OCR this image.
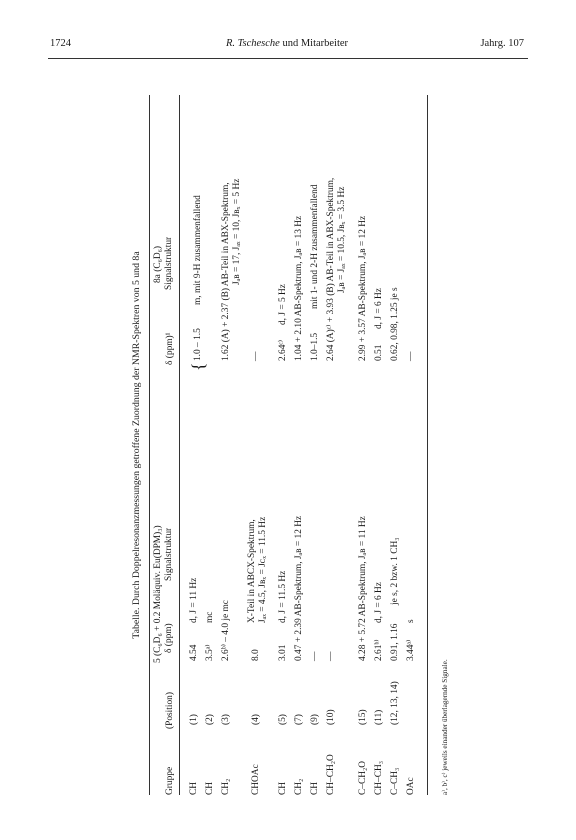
1724	R. Tschesche und Mitarbeiter	Jahrg. 107
Tabelle. Durch Doppelresonanzmessungen getroffene Zuordnung der NMR-Spektren von 5 und 8a
Gruppe
(Position)
5 (C₆D₆ + 0.2 Moläquiv. Eu(DPM)₃) δ (ppm)
Signalstruktur
8a (C₆D₆)
δ (ppm)¹
Signalstruktur
CH
(1)
4.54
d, J = 11 Hz
{
1.0 – 1.5
m, mit 9-H zusammenfallend
CH
(2)
3.5ᵃ⁾
mc
CH₂
(3)
2.6ᵇ⁾ – 4.0 je mc
1.62 (A) + 2.37 (B) AB-Teil in ABX-Spektrum, Jₐʙ = 17, Jₐₓ = 10, Jʙₓ = 5 Hz
CHOAc
(4)
8.0
X-Teil in ABCX-Spektrum, Jₐₓ = 4.5, Jʙₓ = Jᴄₓ = 11.5 Hz
—
CH
(5)
3.01
d, J = 11.5 Hz
2.64ᶜ⁾
d, J = 5 Hz
CH₂
(7)
0.47 + 2.39 AB-Spektrum, Jₐʙ = 12 Hz
1.04 + 2.10 AB-Spektrum, Jₐʙ = 13 Hz
CH
(9)
—
1.0–1.5
mit 1- und 2-H zusammenfallend
CH–CH₂O
(10)
—
2.64 (A)ᶜ⁾ + 3.93 (B) AB-Teil in ABX-Spektrum, Jₐʙ = Jₐₓ = 10.5, Jʙₓ = 3.5 Hz
C–CH₂O
(15)
4.28 + 5.72 AB-Spektrum, Jₐʙ = 11 Hz
2.99 + 3.57 AB-Spektrum, Jₐʙ = 12 Hz
CH–CH₃
(11)
2.61ᵇ⁾
d, J = 6 Hz
0.51
d, J = 6 Hz
C–CH₃
(12, 13, 14)
0.91, 1.16
je s, 2 bzw. 1 CH₃
0.62, 0.98, 1.25 je s
OAc
3.44ᵃ⁾
s
—
a⁾, b⁾, c⁾ jeweils einander überlagernde Signale.
